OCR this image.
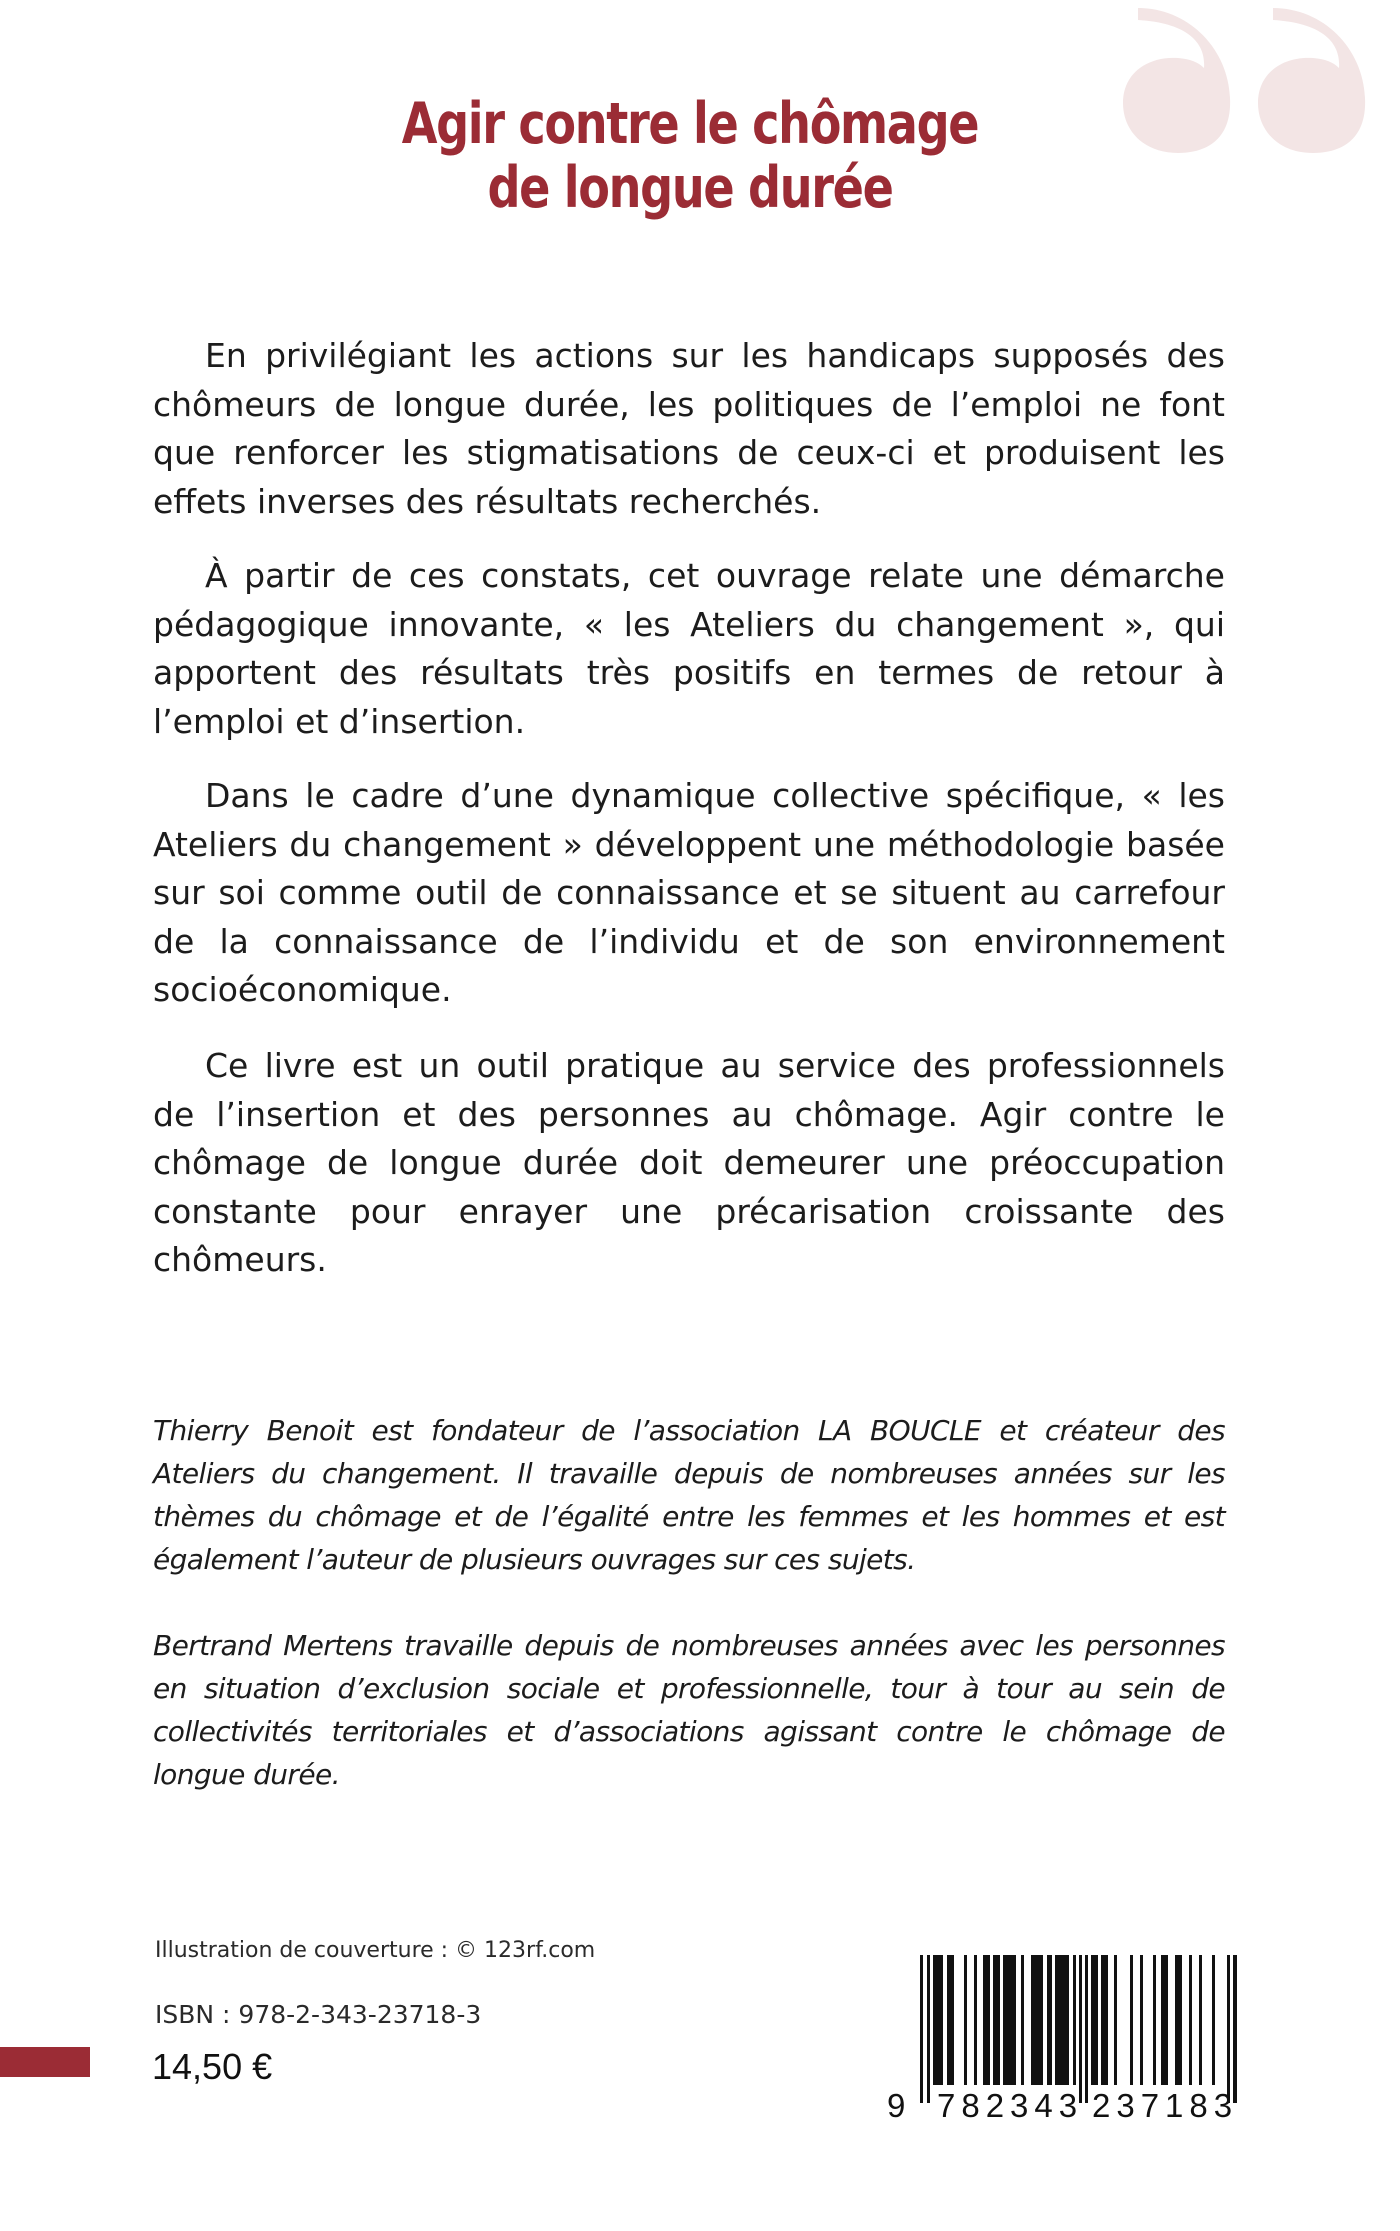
Agir contre le chômage
de longue durée

En privilégiant les actions sur les handicaps supposés des chômeurs de longue durée, les politiques de l’emploi ne font que renforcer les stigmatisations de ceux-ci et produisent les effets inverses des résultats recherchés.

À partir de ces constats, cet ouvrage relate une démarche pédagogique innovante, « les Ateliers du changement », qui apportent des résultats très positifs en termes de retour à l’emploi et d’insertion.

Dans le cadre d’une dynamique collective spécifique, « les Ateliers du changement » développent une méthodologie basée sur soi comme outil de connaissance et se situent au carrefour de la connaissance de l’individu et de son environnement socioéconomique.

Ce livre est un outil pratique au service des professionnels de l’insertion et des personnes au chômage. Agir contre le chômage de longue durée doit demeurer une préoccupation constante pour enrayer une précarisation croissante des chômeurs.

Thierry Benoit est fondateur de l’association LA BOUCLE et créateur des Ateliers du changement. Il travaille depuis de nombreuses années sur les thèmes du chômage et de l’égalité entre les femmes et les hommes et est également l’auteur de plusieurs ouvrages sur ces sujets.

Bertrand Mertens travaille depuis de nombreuses années avec les personnes en situation d’exclusion sociale et professionnelle, tour à tour au sein de collectivités territoriales et d’associations agissant contre le chômage de longue durée.

Illustration de couverture : © 123rf.com
ISBN : 978-2-343-23718-3
14,50 €
9 782343 237183
